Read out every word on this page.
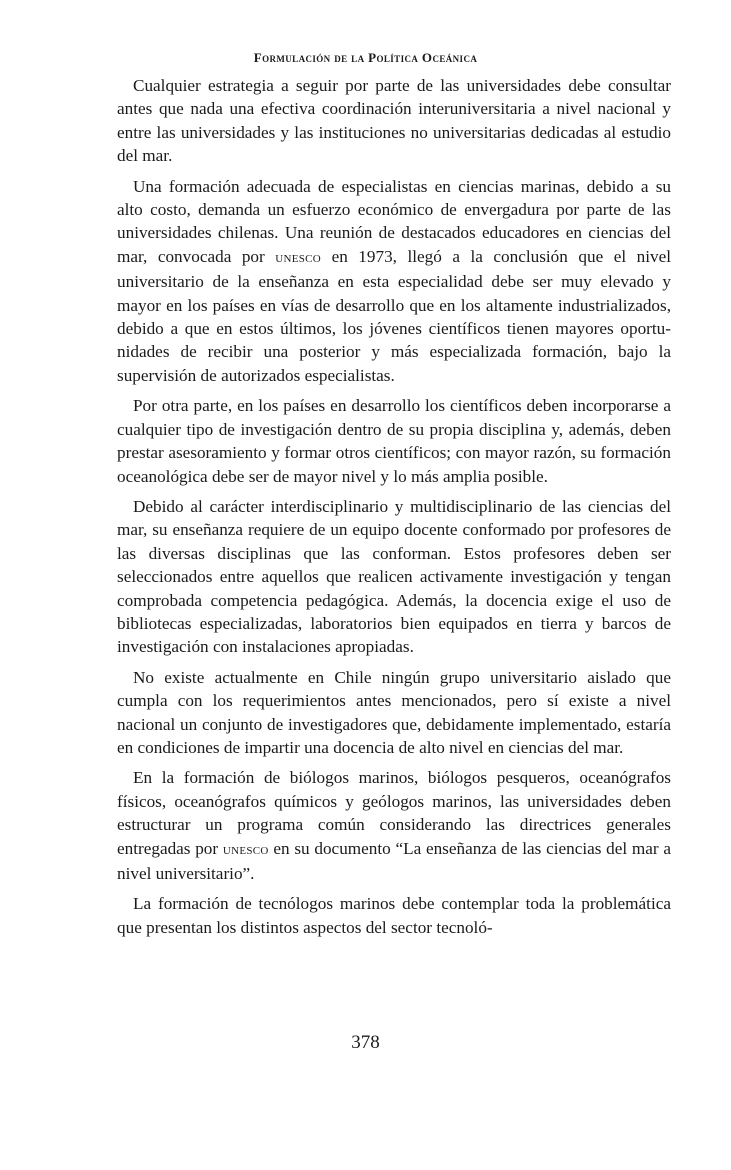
Formulación de la Política Oceánica

Cualquier estrategia a seguir por parte de las universidades debe consultar antes que nada una efectiva coordinación interuniversitaria a nivel nacional y entre las universidades y las instituciones no universitarias dedicadas al estudio del mar.

Una formación adecuada de especialistas en ciencias marinas, debido a su alto costo, demanda un esfuerzo económico de envergadura por parte de las universidades chilenas. Una reunión de destacados educadores en ciencias del mar, convocada por unesco en 1973, llegó a la conclusión que el nivel universitario de la enseñanza en esta especialidad debe ser muy elevado y mayor en los países en vías de desarrollo que en los altamente industrializados, debido a que en estos últimos, los jóvenes científicos tienen mayores oportunidades de recibir una posterior y más especializada formación, bajo la supervisión de autorizados especialistas.

Por otra parte, en los países en desarrollo los científicos deben incorporarse a cualquier tipo de investigación dentro de su propia disciplina y, además, deben prestar asesoramiento y formar otros científicos; con mayor razón, su formación oceanológica debe ser de mayor nivel y lo más amplia posible.

Debido al carácter interdisciplinario y multidisciplinario de las ciencias del mar, su enseñanza requiere de un equipo docente conformado por profesores de las diversas disciplinas que las conforman. Estos profesores deben ser seleccionados entre aquellos que realicen activamente investigación y tengan comprobada competencia pedagógica. Además, la docencia exige el uso de bibliotecas especializadas, laboratorios bien equipados en tierra y barcos de investigación con instalaciones apropiadas.

No existe actualmente en Chile ningún grupo universitario aislado que cumpla con los requerimientos antes mencionados, pero sí existe a nivel nacional un conjunto de investigadores que, debidamente implementado, estaría en condiciones de impartir una docencia de alto nivel en ciencias del mar.

En la formación de biólogos marinos, biólogos pesqueros, oceanógrafos físicos, oceanógrafos químicos y geólogos marinos, las universidades deben estructurar un programa común considerando las directrices generales entregadas por unesco en su documento “La enseñanza de las ciencias del mar a nivel universitario”.

La formación de tecnólogos marinos debe contemplar toda la problemática que presentan los distintos aspectos del sector tecnoló-

378
